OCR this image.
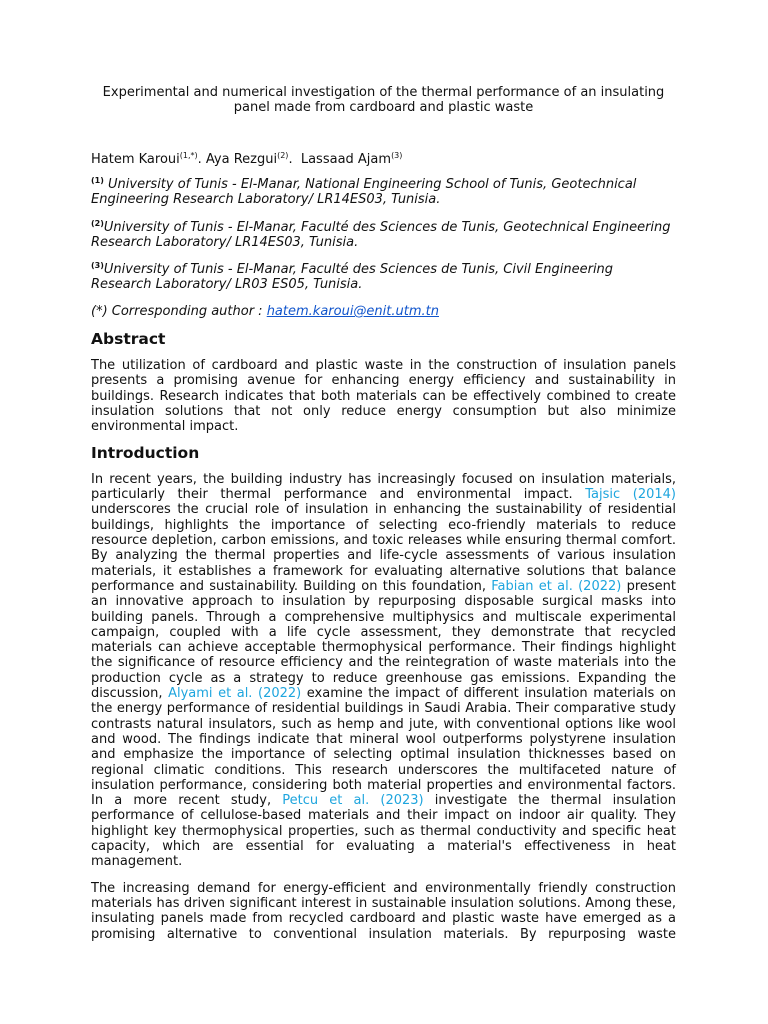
Experimental and numerical investigation of the thermal performance of an insulating panel made from cardboard and plastic waste

Hatem Karoui$^{(1,*)}$. Aya Rezgui$^{(2)}$.  Lassaad Ajam$^{(3)}$

$^{(1)}$ University of Tunis - El-Manar, National Engineering School of Tunis, Geotechnical Engineering Research Laboratory/ LR14ES03, Tunisia.

$^{(2)}$University of Tunis - El-Manar, Faculté des Sciences de Tunis, Geotechnical Engineering Research Laboratory/ LR14ES03, Tunisia.

$^{(3)}$University of Tunis - El-Manar, Faculté des Sciences de Tunis, Civil Engineering Research Laboratory/ LR03 ES05, Tunisia.

(*) Corresponding author : hatem.karoui@enit.utm.tn

Abstract

The utilization of cardboard and plastic waste in the construction of insulation panels presents a promising avenue for enhancing energy efficiency and sustainability in buildings. Research indicates that both materials can be effectively combined to create insulation solutions that not only reduce energy consumption but also minimize environmental impact.

Introduction

In recent years, the building industry has increasingly focused on insulation materials, particularly their thermal performance and environmental impact. Tajsic (2014) underscores the crucial role of insulation in enhancing the sustainability of residential buildings, highlights the importance of selecting eco-friendly materials to reduce resource depletion, carbon emissions, and toxic releases while ensuring thermal comfort. By analyzing the thermal properties and life-cycle assessments of various insulation materials, it establishes a framework for evaluating alternative solutions that balance performance and sustainability. Building on this foundation, Fabian et al. (2022) present an innovative approach to insulation by repurposing disposable surgical masks into building panels. Through a comprehensive multiphysics and multiscale experimental campaign, coupled with a life cycle assessment, they demonstrate that recycled materials can achieve acceptable thermophysical performance. Their findings highlight the significance of resource efficiency and the reintegration of waste materials into the production cycle as a strategy to reduce greenhouse gas emissions. Expanding the discussion, Alyami et al. (2022) examine the impact of different insulation materials on the energy performance of residential buildings in Saudi Arabia. Their comparative study contrasts natural insulators, such as hemp and jute, with conventional options like wool and wood. The findings indicate that mineral wool outperforms polystyrene insulation and emphasize the importance of selecting optimal insulation thicknesses based on regional climatic conditions. This research underscores the multifaceted nature of insulation performance, considering both material properties and environmental factors. In a more recent study, Petcu et al. (2023) investigate the thermal insulation performance of cellulose-based materials and their impact on indoor air quality. They highlight key thermophysical properties, such as thermal conductivity and specific heat capacity, which are essential for evaluating a material's effectiveness in heat management.

The increasing demand for energy-efficient and environmentally friendly construction materials has driven significant interest in sustainable insulation solutions. Among these, insulating panels made from recycled cardboard and plastic waste have emerged as a promising alternative to conventional insulation materials. By repurposing waste
